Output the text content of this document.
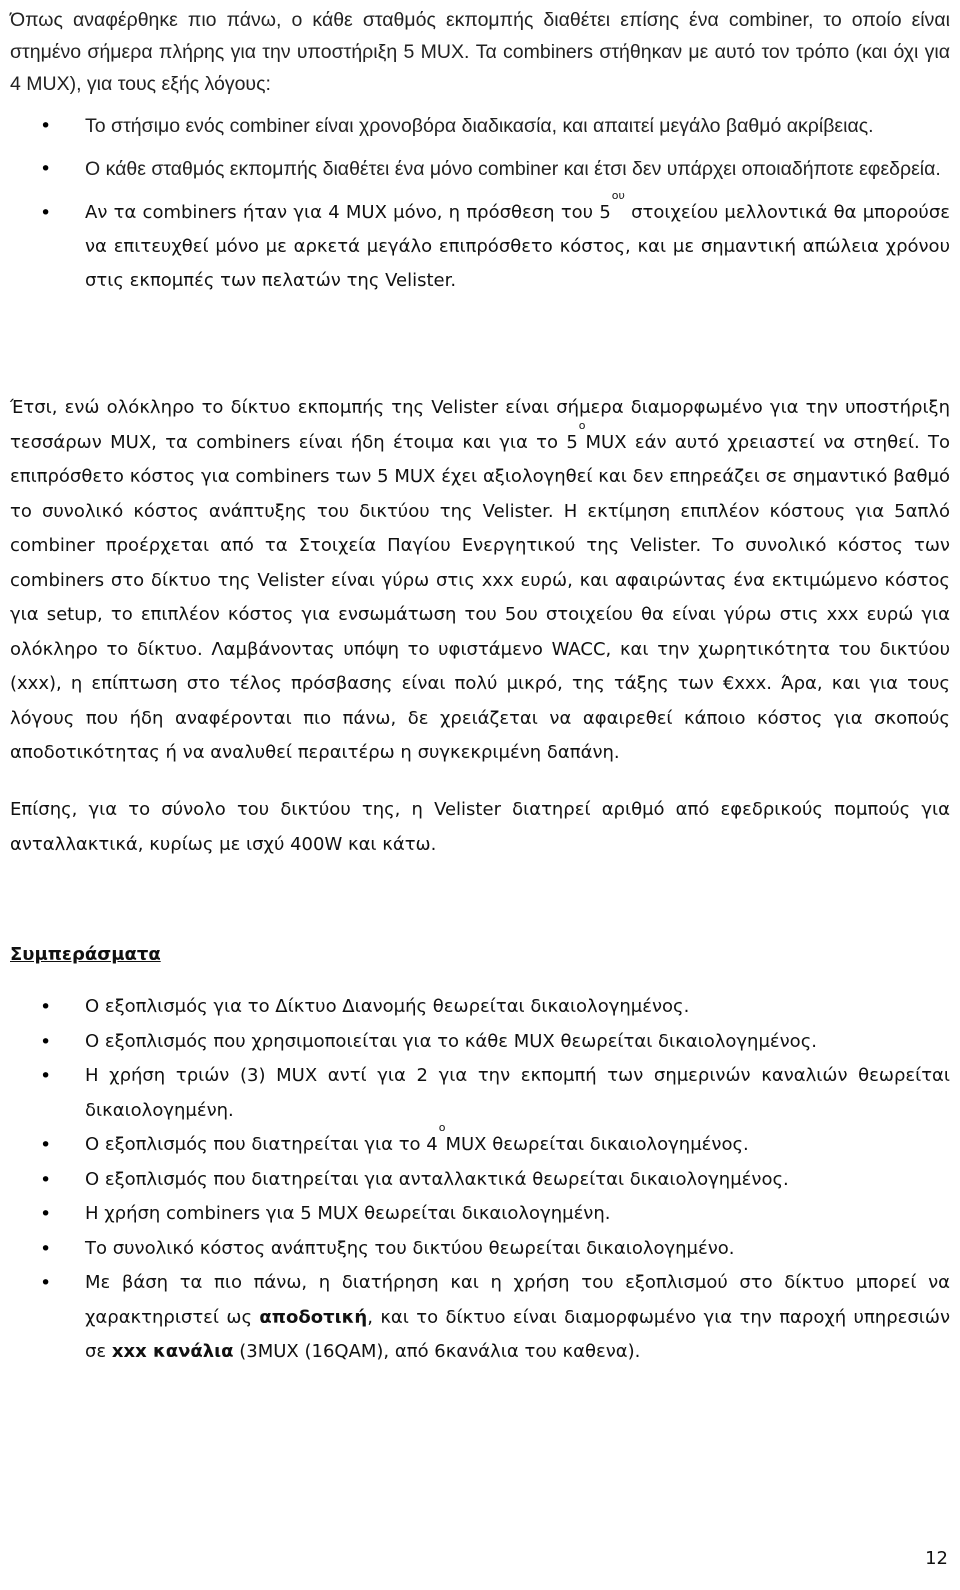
Όπως αναφέρθηκε πιο πάνω, ο κάθε σταθμός εκπομπής διαθέτει επίσης ένα combiner, το οποίο είναι στημένο σήμερα πλήρης για την υποστήριξη 5 MUX. Τα combiners στήθηκαν με αυτό τον τρόπο (και όχι για 4 MUX), για τους εξής λόγους:

• Το στήσιμο ενός combiner είναι χρονοβόρα διαδικασία, και απαιτεί μεγάλο βαθμό ακρίβειας.
• Ο κάθε σταθμός εκπομπής διαθέτει ένα μόνο combiner και έτσι δεν υπάρχει οποιαδήποτε εφεδρεία.
• Αν τα combiners ήταν για 4 MUX μόνο, η πρόσθεση του $5^{o\upsilon}$ στοιχείου μελλοντικά θα μπορούσε να επιτευχθεί μόνο με αρκετά μεγάλο επιπρόσθετο κόστος, και με σημαντική απώλεια χρόνου στις εκπομπές των πελατών της Velister.

Έτσι, ενώ ολόκληρο το δίκτυο εκπομπής της Velister είναι σήμερα διαμορφωμένο για την υποστήριξη τεσσάρων MUX, τα combiners είναι ήδη έτοιμα και για το $5^oMUX$ εάν αυτό χρειαστεί να στηθεί. Το επιπρόσθετο κόστος για combiners των 5 MUX έχει αξιολογηθεί και δεν επηρεάζει σε σημαντικό βαθμό το συνολικό κόστος ανάπτυξης του δικτύου της Velister. Η εκτίμηση επιπλέον κόστους για 5απλό combiner προέρχεται από τα Στοιχεία Παγίου Ενεργητικού της Velister. Το συνολικό κόστος των combiners στο δίκτυο της Velister είναι γύρω στις xxx ευρώ, και αφαιρώντας ένα εκτιμώμενο κόστος για setup, το επιπλέον κόστος για ενσωμάτωση του 5ου στοιχείου θα είναι γύρω στις xxx ευρώ για ολόκληρο το δίκτυο. Λαμβάνοντας υπόψη το υφιστάμενο WACC, και την χωρητικότητα του δικτύου (xxx), η επίπτωση στο τέλος πρόσβασης είναι πολύ μικρό, της τάξης των €xxx. Άρα, και για τους λόγους που ήδη αναφέρονται πιο πάνω, δε χρειάζεται να αφαιρεθεί κάποιο κόστος για σκοπούς αποδοτικότητας ή να αναλυθεί περαιτέρω η συγκεκριμένη δαπάνη.

Επίσης, για το σύνολο του δικτύου της, η Velister διατηρεί αριθμό από εφεδρικούς πομπούς για ανταλλακτικά, κυρίως με ισχύ 400W και κάτω.

Συμπεράσματα
• Ο εξοπλισμός για το Δίκτυο Διανομής θεωρείται δικαιολογημένος.
• Ο εξοπλισμός που χρησιμοποιείται για το κάθε MUX θεωρείται δικαιολογημένος.
• Η χρήση τριών (3) MUX αντί για 2 για την εκπομπή των σημερινών καναλιών θεωρείται δικαιολογημένη.
• Ο εξοπλισμός που διατηρείται για το $4^oMUX$ θεωρείται δικαιολογημένος.
• Ο εξοπλισμός που διατηρείται για ανταλλακτικά θεωρείται δικαιολογημένος.
• Η χρήση combiners για 5 MUX θεωρείται δικαιολογημένη.
• Το συνολικό κόστος ανάπτυξης του δικτύου θεωρείται δικαιολογημένο.
• Με βάση τα πιο πάνω, η διατήρηση και η χρήση του εξοπλισμού στο δίκτυο μπορεί να χαρακτηριστεί ως αποδοτική, και το δίκτυο είναι διαμορφωμένο για την παροχή υπηρεσιών σε xxx κανάλια (3MUX (16QAM), από 6κανάλια του καθενα).
12
